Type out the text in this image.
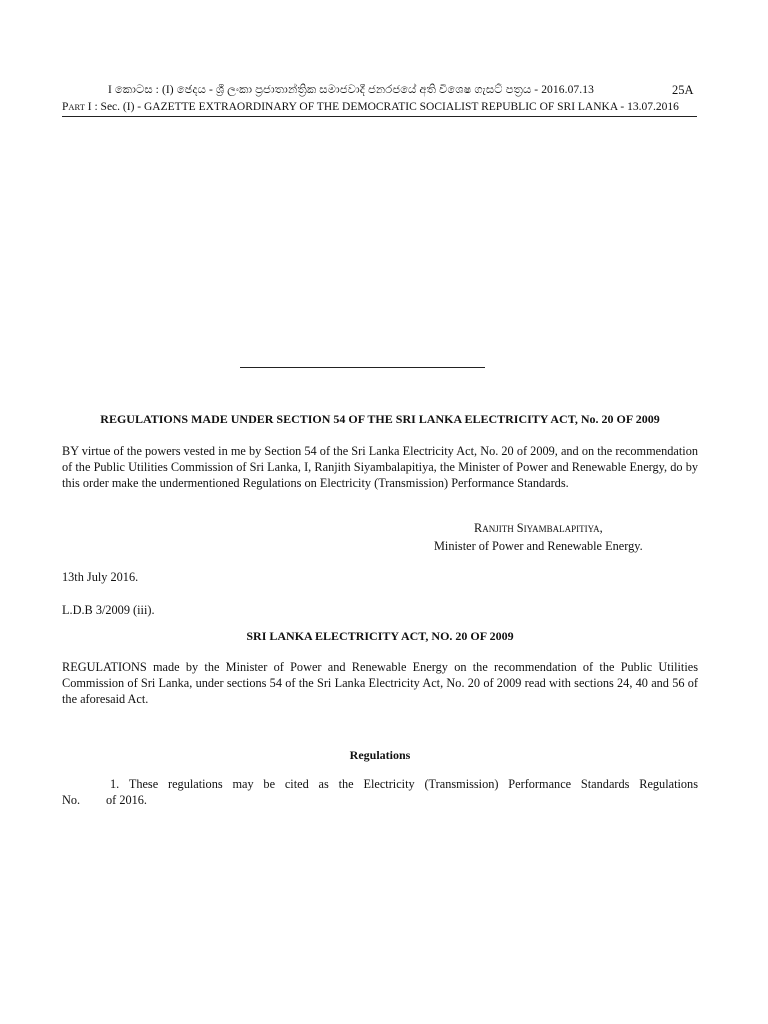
I කොටස : (I) ඡෙදය - ශ්‍රී ලංකා ප්‍රජාතාන්ත්‍රික සමාජවාදී ජනරජයේ අති විශෙෂ ගැසට් පත්‍රය - 2016.07.13	25A
PART I : Sec. (I) - GAZETTE EXTRAORDINARY OF THE DEMOCRATIC SOCIALIST REPUBLIC OF SRI LANKA - 13.07.2016
REGULATIONS MADE UNDER SECTION 54 OF THE SRI LANKA ELECTRICITY ACT, No. 20 OF 2009

BY virtue of the powers vested in me by Section 54 of the Sri Lanka Electricity Act, No. 20 of 2009, and on the recommendation of the Public Utilities Commission of Sri Lanka, I, Ranjith Siyambalapitiya, the Minister of Power and Renewable Energy, do by this order make the undermentioned Regulations on Electricity (Transmission) Performance Standards.

RANJITH SIYAMBALAPITIYA,
Minister of Power and Renewable Energy.
13th July 2016.
L.D.B 3/2009 (iii).
SRI LANKA ELECTRICITY ACT, NO. 20 OF 2009

REGULATIONS made by the Minister of Power and Renewable Energy on the recommendation of the Public Utilities Commission of Sri Lanka, under sections 54 of the Sri Lanka Electricity Act, No. 20 of 2009 read with sections 24, 40 and 56 of the aforesaid Act.

Regulations
1. These regulations may be cited as the Electricity (Transmission) Performance Standards Regulations
No. of 2016.
